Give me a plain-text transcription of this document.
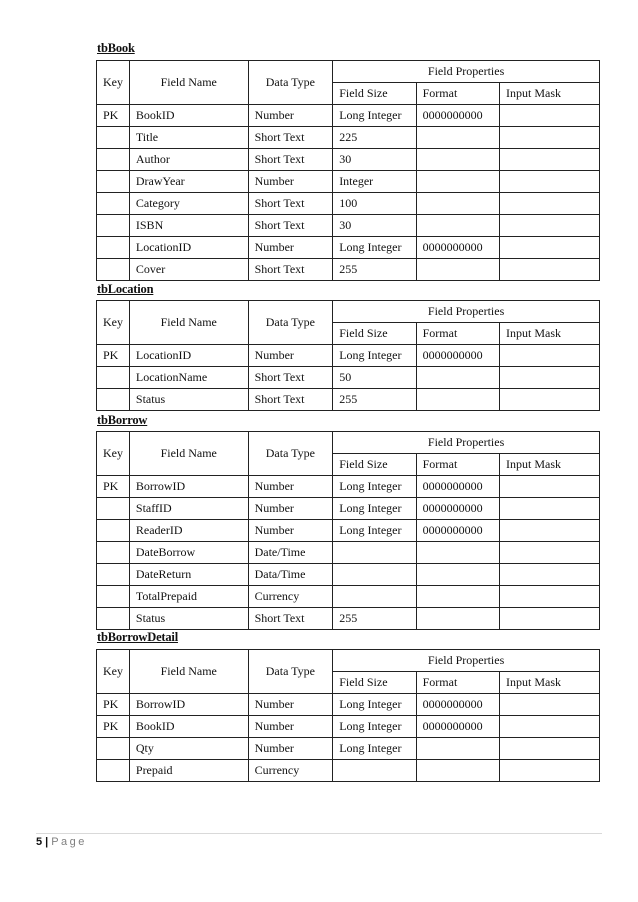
tbBook
Key	Field Name	Data Type	Field Properties		
			Field Size	Format	Input Mask
PK	BookID	Number	Long Integer	0000000000	
	Title	Short Text	225		
	Author	Short Text	30		
	DrawYear	Number	Integer		
	Category	Short Text	100		
	ISBN	Short Text	30		
	LocationID	Number	Long Integer	0000000000	
	Cover	Short Text	255		
tbLocation
Key	Field Name	Data Type	Field Properties		
			Field Size	Format	Input Mask
PK	LocationID	Number	Long Integer	0000000000	
	LocationName	Short Text	50		
	Status	Short Text	255		
tbBorrow
Key	Field Name	Data Type	Field Properties		
			Field Size	Format	Input Mask
PK	BorrowID	Number	Long Integer	0000000000	
	StaffID	Number	Long Integer	0000000000	
	ReaderID	Number	Long Integer	0000000000	
	DateBorrow	Date/Time			
	DateReturn	Data/Time			
	TotalPrepaid	Currency			
	Status	Short Text	255		
tbBorrowDetail
Key	Field Name	Data Type	Field Properties		
			Field Size	Format	Input Mask
PK	BorrowID	Number	Long Integer	0000000000	
PK	BookID	Number	Long Integer	0000000000	
	Qty	Number	Long Integer		
	Prepaid	Currency			
5 | Page
